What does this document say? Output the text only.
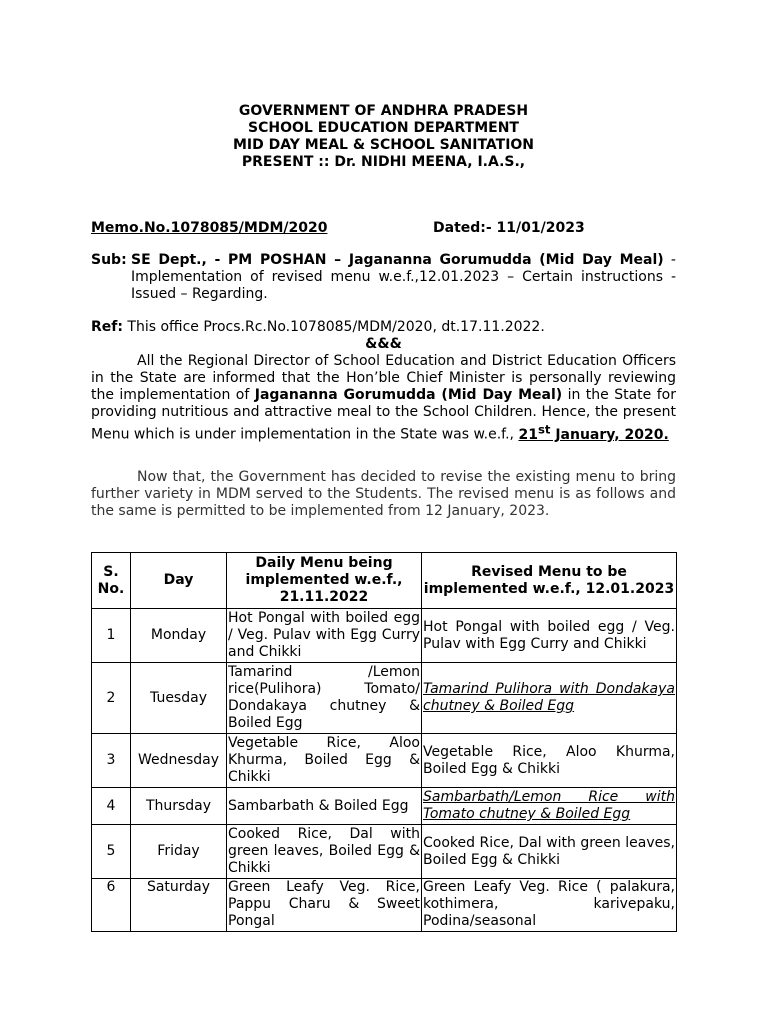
GOVERNMENT OF ANDHRA PRADESH
SCHOOL EDUCATION DEPARTMENT
MID DAY MEAL & SCHOOL SANITATION
PRESENT :: Dr. NIDHI MEENA, I.A.S.,
Memo.No.1078085/MDM/2020	Dated:- 11/01/2023
Sub: SE Dept., - PM POSHAN – Jagananna Gorumudda (Mid Day Meal) - Implementation of revised menu w.e.f.,12.01.2023 – Certain instructions - Issued – Regarding.
Ref: This office Procs.Rc.No.1078085/MDM/2020, dt.17.11.2022.
&&&
All the Regional Director of School Education and District Education Officers in the State are informed that the Hon’ble Chief Minister is personally reviewing the implementation of Jagananna Gorumudda (Mid Day Meal) in the State for providing nutritious and attractive meal to the School Children. Hence, the present Menu which is under implementation in the State was w.e.f., 21st January, 2020.
Now that, the Government has decided to revise the existing menu to bring further variety in MDM served to the Students. The revised menu is as follows and the same is permitted to be implemented from 12 January, 2023.
S. No.	Day	Daily Menu being implemented w.e.f., 21.11.2022	Revised Menu to be implemented w.e.f., 12.01.2023
1	Monday	Hot Pongal with boiled egg / Veg. Pulav with Egg Curry and Chikki	Hot Pongal with boiled egg / Veg. Pulav with Egg Curry and Chikki
2	Tuesday	Tamarind /Lemon rice(Pulihora) Tomato/ Dondakaya chutney & Boiled Egg	Tamarind Pulihora with Dondakaya chutney & Boiled Egg
3	Wednesday	Vegetable Rice, Aloo Khurma, Boiled Egg & Chikki	Vegetable Rice, Aloo Khurma, Boiled Egg & Chikki
4	Thursday	Sambarbath & Boiled Egg	Sambarbath/Lemon Rice with Tomato chutney & Boiled Egg
5	Friday	Cooked Rice, Dal with green leaves, Boiled Egg & Chikki	Cooked Rice, Dal with green leaves, Boiled Egg & Chikki
6	Saturday	Green Leafy Veg. Rice, Pappu Charu & Sweet Pongal	Green Leafy Veg. Rice ( palakura, kothimera, karivepaku, Podina/seasonal
